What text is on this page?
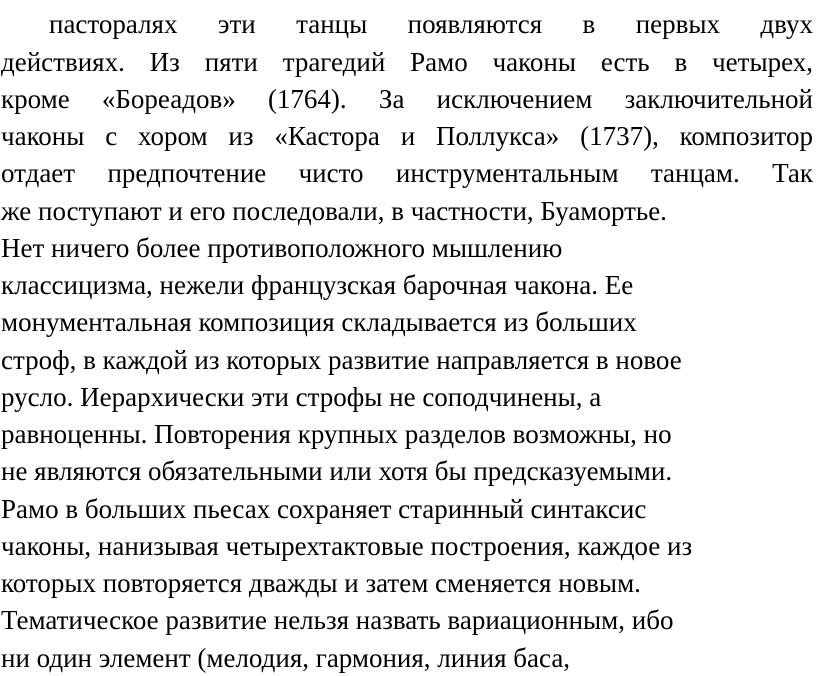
пасторалях эти танцы появляются в первых двух
действиях. Из пяти трагедий Рамо чаконы есть в четырех,
кроме «Бореадов» (1764). За исключением заключительной
чаконы с хором из «Кастора и Поллукса» (1737), композитор
отдает предпочтение чисто инструментальным танцам. Так
же поступают и его последовали, в частности, Буамортье.
Нет ничего более противоположного мышлению
классицизма, нежели французская барочная чакона. Ее
монументальная композиция складывается из больших
строф, в каждой из которых развитие направляется в новое
русло. Иерархически эти строфы не соподчинены, а
равноценны. Повторения крупных разделов возможны, но
не являются обязательными или хотя бы предсказуемыми.
Рамо в больших пьесах сохраняет старинный синтаксис
чаконы, нанизывая четырехтактовые построения, каждое из
которых повторяется дважды и затем сменяется новым.
Тематическое развитие нельзя назвать вариационным, ибо
ни один элемент (мелодия, гармония, линия баса,
